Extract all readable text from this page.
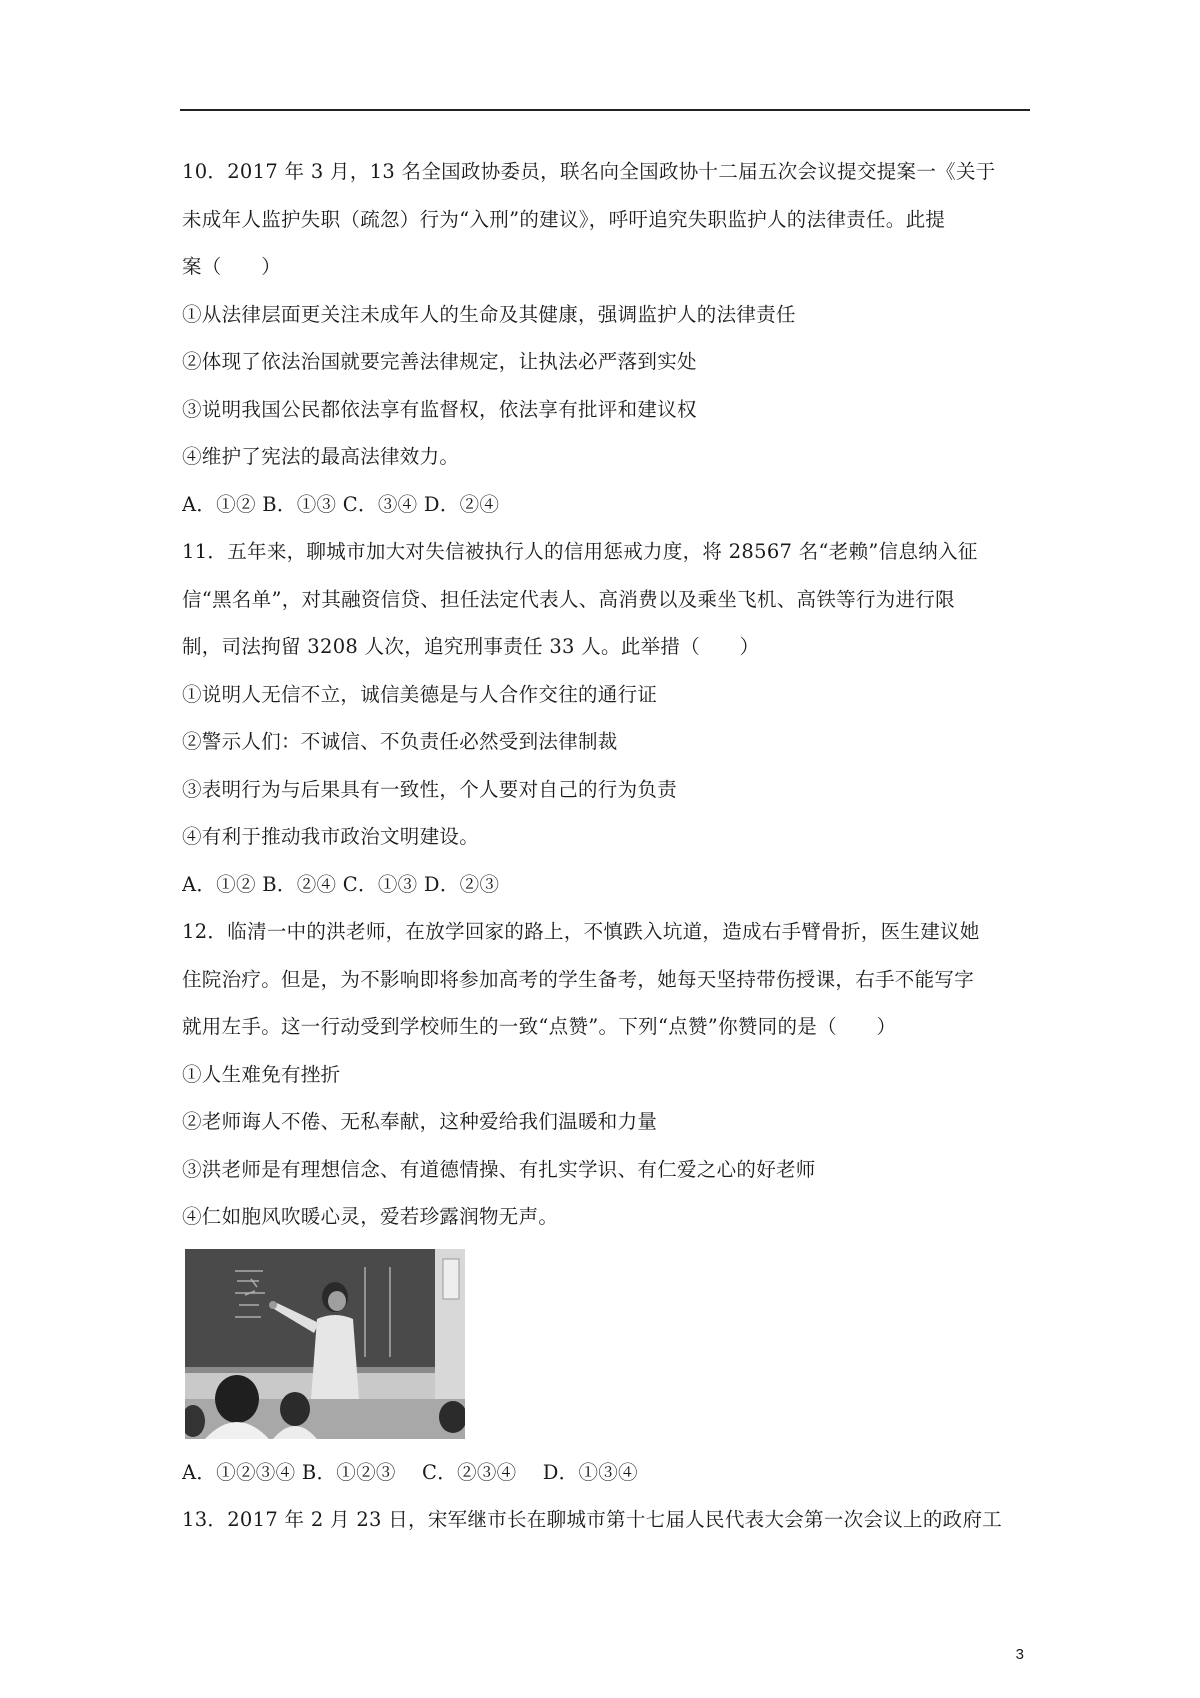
10．2017 年 3 月，13 名全国政协委员，联名向全国政协十二届五次会议提交提案一《关于
未成年人监护失职（疏忽）行为“入刑”的建议》，呼吁追究失职监护人的法律责任。此提
案（　　）
①从法律层面更关注未成年人的生命及其健康，强调监护人的法律责任
②体现了依法治国就要完善法律规定，让执法必严落到实处
③说明我国公民都依法享有监督权，依法享有批评和建议权
④维护了宪法的最高法律效力。
A．①② B．①③ C．③④ D．②④
11．五年来，聊城市加大对失信被执行人的信用惩戒力度，将 28567 名“老赖”信息纳入征
信“黑名单”，对其融资信贷、担任法定代表人、高消费以及乘坐飞机、高铁等行为进行限
制，司法拘留 3208 人次，追究刑事责任 33 人。此举措（　　）
①说明人无信不立，诚信美德是与人合作交往的通行证
②警示人们：不诚信、不负责任必然受到法律制裁
③表明行为与后果具有一致性，个人要对自己的行为负责
④有利于推动我市政治文明建设。
A．①② B．②④ C．①③ D．②③
12．临清一中的洪老师，在放学回家的路上，不慎跌入坑道，造成右手臂骨折，医生建议她
住院治疗。但是，为不影响即将参加高考的学生备考，她每天坚持带伤授课，右手不能写字
就用左手。这一行动受到学校师生的一致“点赞”。下列“点赞”你赞同的是（　　）
①人生难免有挫折
②老师诲人不倦、无私奉献，这种爱给我们温暖和力量
③洪老师是有理想信念、有道德情操、有扎实学识、有仁爱之心的好老师
④仁如胞风吹暖心灵，爱若珍露润物无声。
A．①②③④ B．①②③　 C．②③④　 D．①③④
13．2017 年 2 月 23 日，宋军继市长在聊城市第十七届人民代表大会第一次会议上的政府工
3
